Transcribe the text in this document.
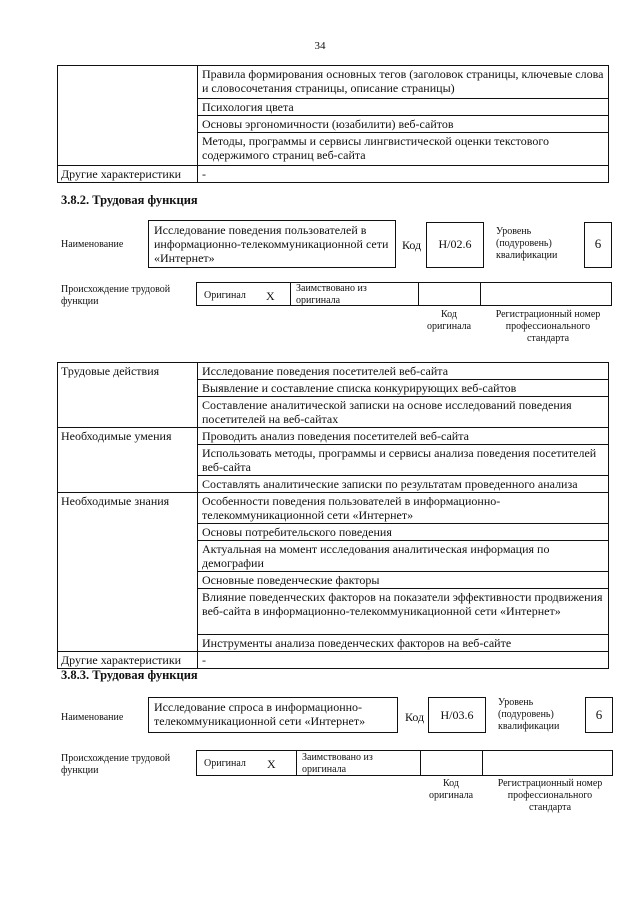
34
	Правила формирования основных тегов (заголовок страницы, ключевые слова и словосочетания страницы, описание страницы)
	Психология цвета
	Основы эргономичности (юзабилити) веб-сайтов
	Методы, программы и сервисы лингвистической оценки текстового содержимого страниц веб-сайта
Другие характеристики	-
3.8.2. Трудовая функция
Наименование
Исследование поведения пользователей в информационно-телекоммуникационной сети «Интернет»
Код	H/02.6
Уровень (подуровень) квалификации
6
Происхождение трудовой функции
Оригинал X
Заимствовано из оригинала
Код оригинала
Регистрационный номер профессионального стандарта
Трудовые действия	Исследование поведения посетителей веб-сайта
	Выявление и составление списка конкурирующих веб-сайтов
	Составление аналитической записки на основе исследований поведения посетителей на веб-сайтах
Необходимые умения	Проводить анализ поведения посетителей веб-сайта
	Использовать методы, программы и сервисы анализа поведения посетителей веб-сайта
	Составлять аналитические записки по результатам проведенного анализа
Необходимые знания	Особенности поведения пользователей в информационно-телекоммуникационной сети «Интернет»
	Основы потребительского поведения
	Актуальная на момент исследования аналитическая информация по демографии
	Основные поведенческие факторы
	Влияние поведенческих факторов на показатели эффективности продвижения веб-сайта в информационно-телекоммуникационной сети «Интернет»
	Инструменты анализа поведенческих факторов на веб-сайте
Другие характеристики	-
3.8.3. Трудовая функция
Наименование
Исследование спроса в информационно-телекоммуникационной сети «Интернет»	Код	H/03.6
Уровень (подуровень) квалификации
6
Происхождение трудовой функции
Оригинал X	Заимствовано из оригинала
Код оригинала
Регистрационный номер профессионального стандарта
